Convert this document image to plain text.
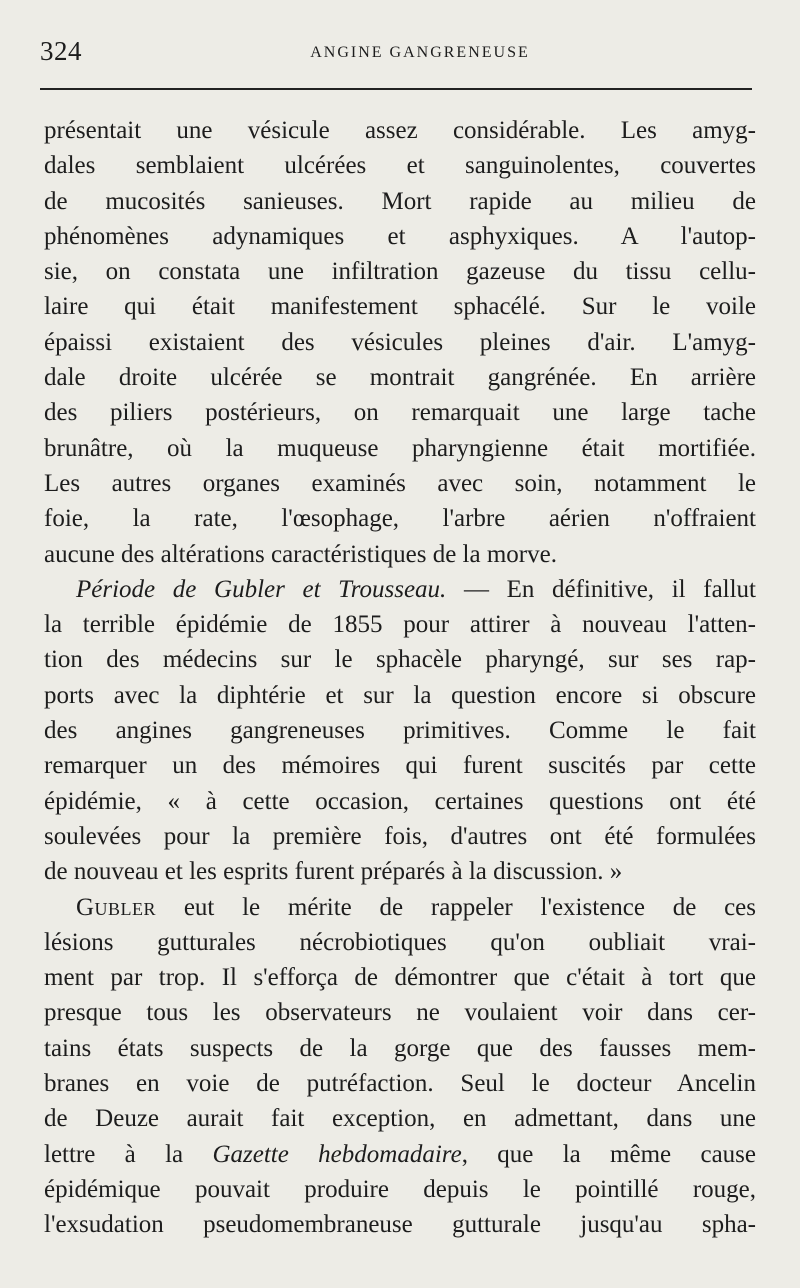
324	ANGINE GANGRENEUSE
présentait une vésicule assez considérable. Les amyg-
dales semblaient ulcérées et sanguinolentes, couvertes
de mucosités sanieuses. Mort rapide au milieu de
phénomènes adynamiques et asphyxiques. A l'autop-
sie, on constata une infiltration gazeuse du tissu cellu-
laire qui était manifestement sphacélé. Sur le voile
épaissi existaient des vésicules pleines d'air. L'amyg-
dale droite ulcérée se montrait gangrénée. En arrière
des piliers postérieurs, on remarquait une large tache
brunâtre, où la muqueuse pharyngienne était mortifiée.
Les autres organes examinés avec soin, notamment le
foie, la rate, l'œsophage, l'arbre aérien n'offraient
aucune des altérations caractéristiques de la morve.
Période de Gubler et Trousseau. — En définitive, il fallut
la terrible épidémie de 1855 pour attirer à nouveau l'atten-
tion des médecins sur le sphacèle pharyngé, sur ses rap-
ports avec la diphtérie et sur la question encore si obscure
des angines gangreneuses primitives. Comme le fait
remarquer un des mémoires qui furent suscités par cette
épidémie, « à cette occasion, certaines questions ont été
soulevées pour la première fois, d'autres ont été formulées
de nouveau et les esprits furent préparés à la discussion. »
Gubler eut le mérite de rappeler l'existence de ces
lésions gutturales nécrobiotiques qu'on oubliait vrai-
ment par trop. Il s'efforça de démontrer que c'était à tort que
presque tous les observateurs ne voulaient voir dans cer-
tains états suspects de la gorge que des fausses mem-
branes en voie de putréfaction. Seul le docteur Ancelin
de Deuze aurait fait exception, en admettant, dans une
lettre à la Gazette hebdomadaire, que la même cause
épidémique pouvait produire depuis le pointillé rouge,
l'exsudation pseudomembraneuse gutturale jusqu'au spha-
